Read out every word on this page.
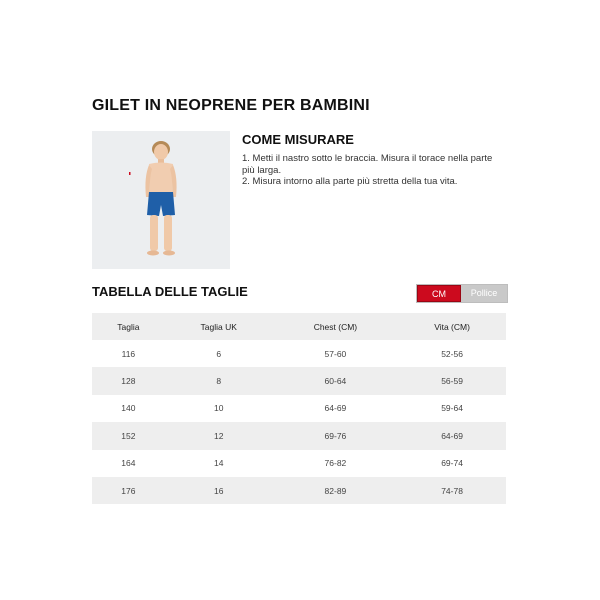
GILET IN NEOPRENE PER BAMBINI
COME MISURARE
1. Metti il nastro sotto le braccia. Misura il torace nella parte più larga.
2. Misura intorno alla parte più stretta della tua vita.
TABELLA DELLE TAGLIE	CM	Pollice
Taglia	Taglia UK	Chest (CM)	Vita (CM)
116	6	57-60	52-56
128	8	60-64	56-59
140	10	64-69	59-64
152	12	69-76	64-69
164	14	76-82	69-74
176	16	82-89	74-78
